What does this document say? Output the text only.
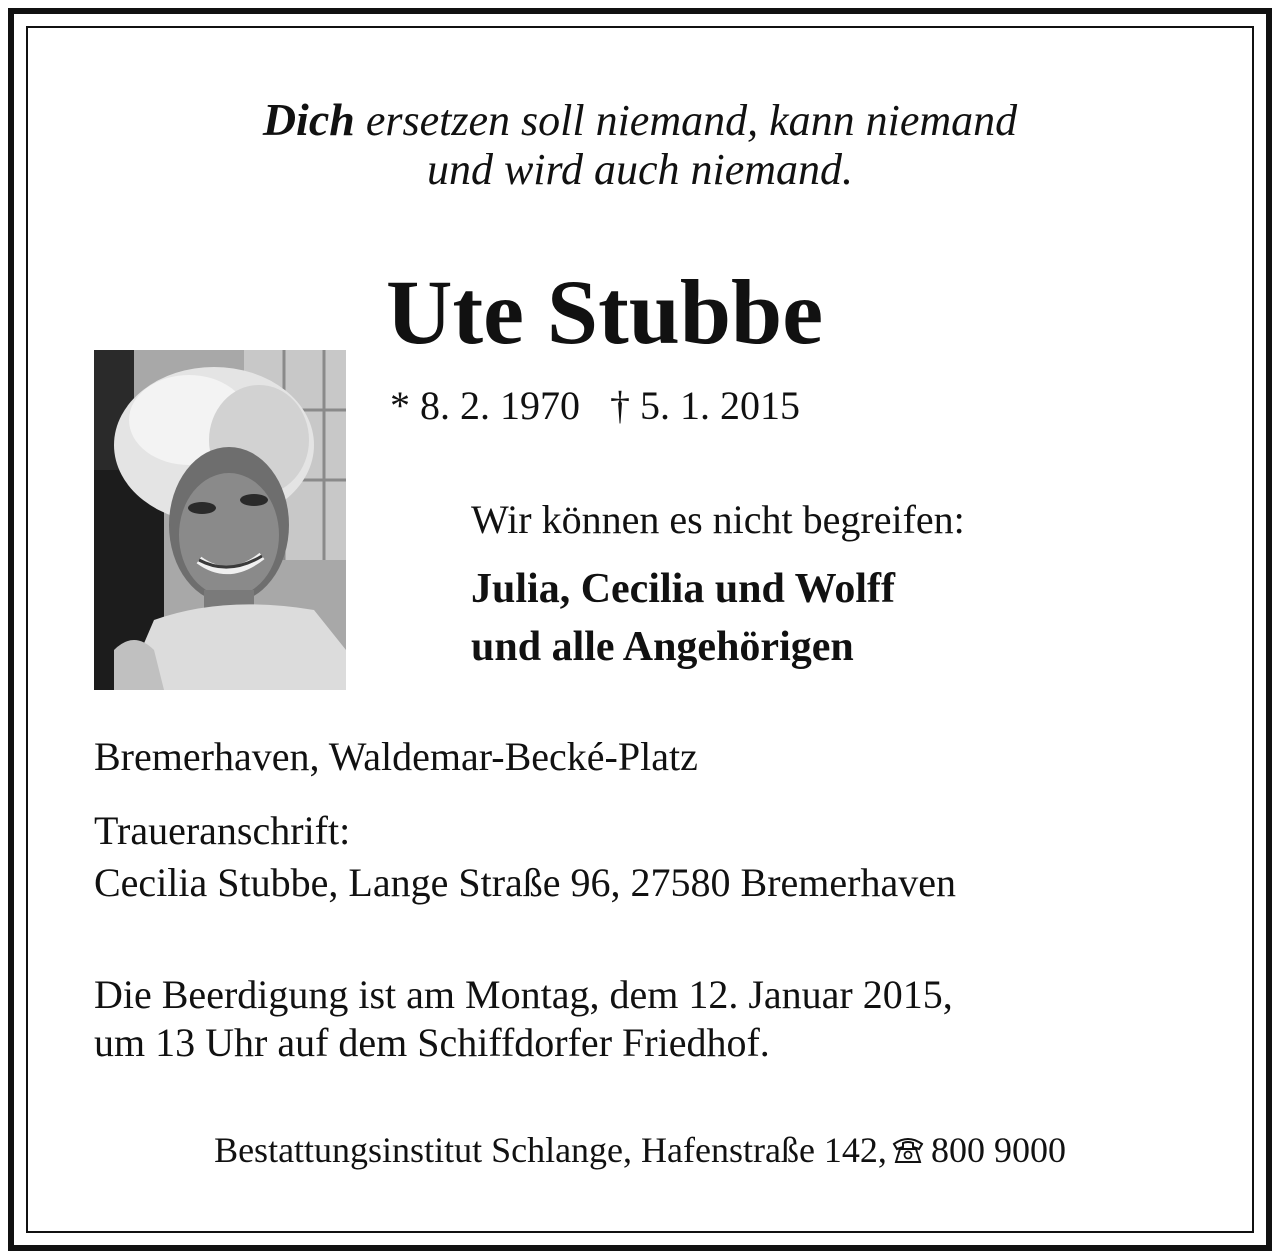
Dich ersetzen soll niemand, kann niemand
und wird auch niemand.
Ute Stubbe
* 8. 2. 1970 † 5. 1. 2015
Wir können es nicht begreifen:
Julia, Cecilia und Wolff
und alle Angehörigen
Bremerhaven, Waldemar-Becké-Platz
Traueranschrift:
Cecilia Stubbe, Lange Straße 96, 27580 Bremerhaven
Die Beerdigung ist am Montag, dem 12. Januar 2015,
um 13 Uhr auf dem Schiffdorfer Friedhof.
Bestattungsinstitut Schlange, Hafenstraße 142, 800 9000
